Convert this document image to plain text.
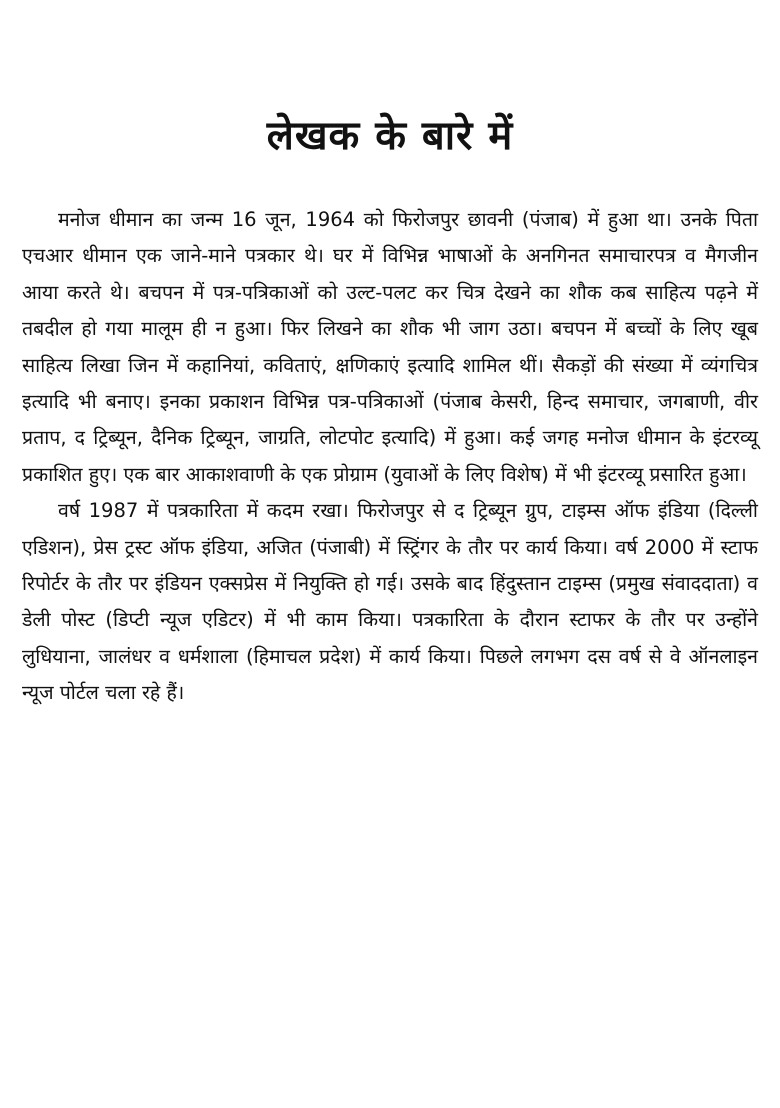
लेखक के बारे में

मनोज धीमान का जन्म 16 जून, 1964 को फिरोजपुर छावनी (पंजाब) में हुआ था। उनके पिता एचआर धीमान एक जाने-माने पत्रकार थे। घर में विभिन्न भाषाओं के अनगिनत समाचारपत्र व मैगजीन आया करते थे। बचपन में पत्र-पत्रिकाओं को उल्ट-पलट कर चित्र देखने का शौक कब साहित्य पढ़ने में तबदील हो गया मालूम ही न हुआ। फिर लिखने का शौक भी जाग उठा। बचपन में बच्चों के लिए खूब साहित्य लिखा जिन में कहानियां, कविताएं, क्षणिकाएं इत्यादि शामिल थीं। सैकड़ों की संख्या में व्यंगचित्र इत्यादि भी बनाए। इनका प्रकाशन विभिन्न पत्र-पत्रिकाओं (पंजाब केसरी, हिन्द समाचार, जगबाणी, वीर प्रताप, द ट्रिब्यून, दैनिक ट्रिब्यून, जाग्रति, लोटपोट इत्यादि) में हुआ। कई जगह मनोज धीमान के इंटरव्यू प्रकाशित हुए। एक बार आकाशवाणी के एक प्रोग्राम (युवाओं के लिए विशेष) में भी इंटरव्यू प्रसारित हुआ।

वर्ष 1987 में पत्रकारिता में कदम रखा। फिरोजपुर से द ट्रिब्यून ग्रुप, टाइम्स ऑफ इंडिया (दिल्ली एडिशन), प्रेस ट्रस्ट ऑफ इंडिया, अजित (पंजाबी) में स्ट्रिंगर के तौर पर कार्य किया। वर्ष 2000 में स्टाफ रिपोर्टर के तौर पर इंडियन एक्सप्रेस में नियुक्ति हो गई। उसके बाद हिंदुस्तान टाइम्स (प्रमुख संवाददाता) व डेली पोस्ट (डिप्टी न्यूज एडिटर) में भी काम किया। पत्रकारिता के दौरान स्टाफर के तौर पर उन्होंने लुधियाना, जालंधर व धर्मशाला (हिमाचल प्रदेश) में कार्य किया। पिछले लगभग दस वर्ष से वे ऑनलाइन न्यूज पोर्टल चला रहे हैं।
